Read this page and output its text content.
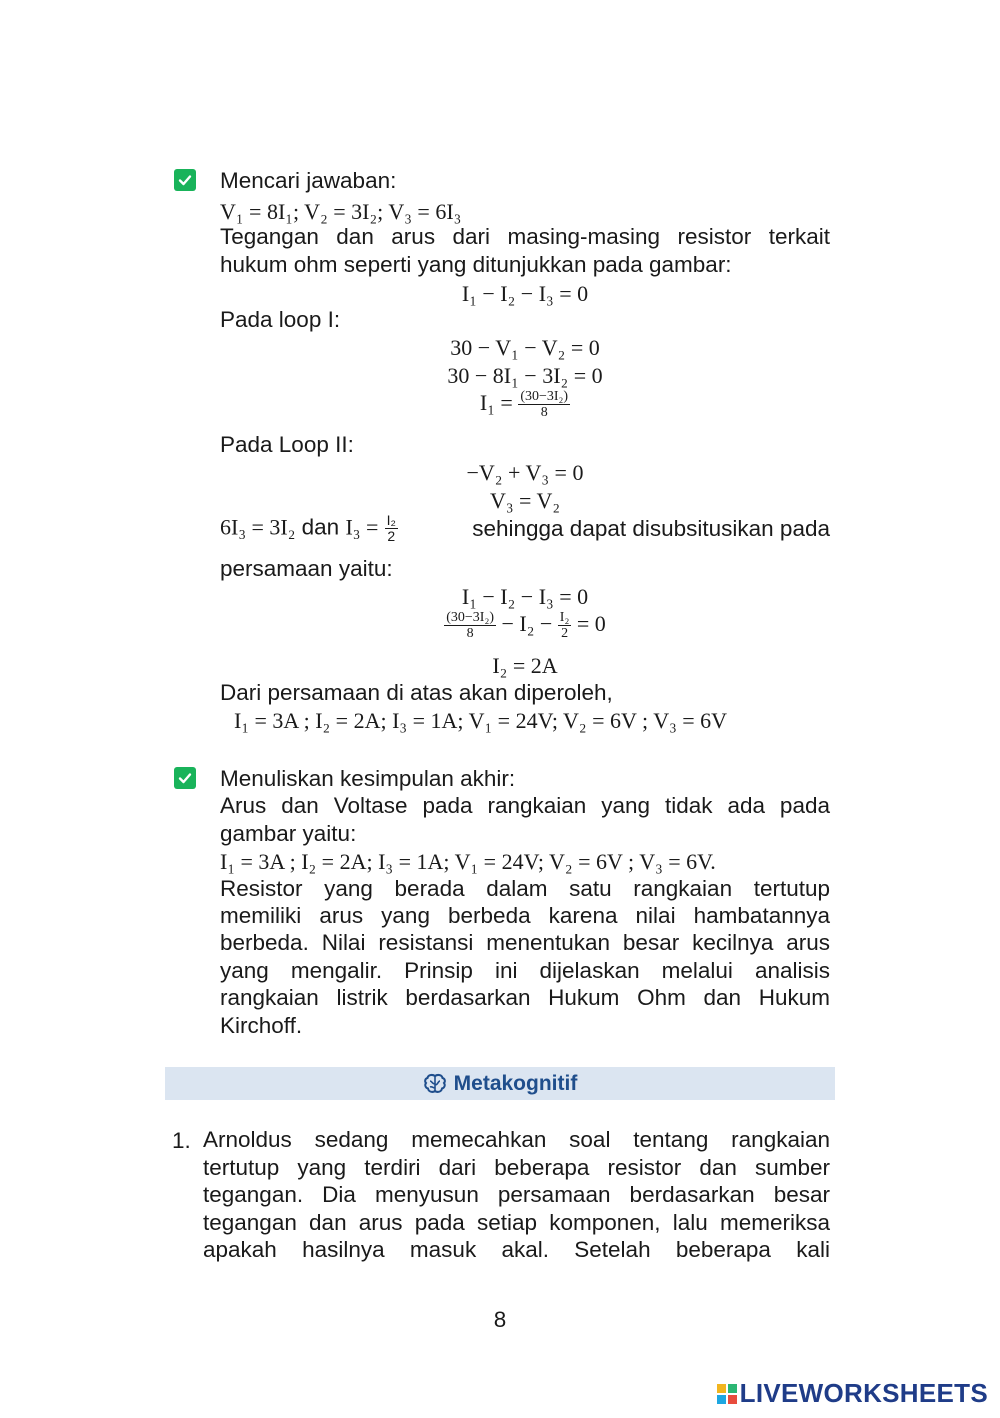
Mencari jawaban:
V₁ = 8I₁; V₂ = 3I₂; V₃ = 6I₃
Tegangan dan arus dari masing-masing resistor terkait
hukum ohm seperti yang ditunjukkan pada gambar:
I₁ − I₂ − I₃ = 0
Pada loop I:
30 − V₁ − V₂ = 0
30 − 8I₁ − 3I₂ = 0
$I_1 = \frac{\text{(30−3I₂)}}{8}$
Pada Loop II:
−V₂ + V₃ = 0
V₃ = V₂
6I₃ = 3I₂ dan $I_3 = \frac{\text{I₂}}{2}$	sehingga dapat disubsitusikan pada
persamaan yaitu:
I₁ − I₂ − I₃ = 0
$\frac{\text{(30−3I₂)}}{8} - I_2 - \frac{\text{I₂}}{2} = 0$
I₂ = 2A
Dari persamaan di atas akan diperoleh,
I₁ = 3A ; I₂ = 2A; I₃ = 1A; V₁ = 24V; V₂ = 6V ; V₃ = 6V
Menuliskan kesimpulan akhir:
Arus dan Voltase pada rangkaian yang tidak ada pada
gambar yaitu:
I₁ = 3A ; I₂ = 2A; I₃ = 1A; V₁ = 24V; V₂ = 6V ; V₃ = 6V.
Resistor yang berada dalam satu rangkaian tertutup
memiliki arus yang berbeda karena nilai hambatannya
berbeda. Nilai resistansi menentukan besar kecilnya arus
yang mengalir. Prinsip ini dijelaskan melalui analisis
rangkaian listrik berdasarkan Hukum Ohm dan Hukum
Kirchoff.
Metakognitif
1. Arnoldus sedang memecahkan soal tentang rangkaian
tertutup yang terdiri dari beberapa resistor dan sumber
tegangan. Dia menyusun persamaan berdasarkan besar
tegangan dan arus pada setiap komponen, lalu memeriksa
apakah hasilnya masuk akal. Setelah beberapa kali
8
LIVEWORKSHEETS
